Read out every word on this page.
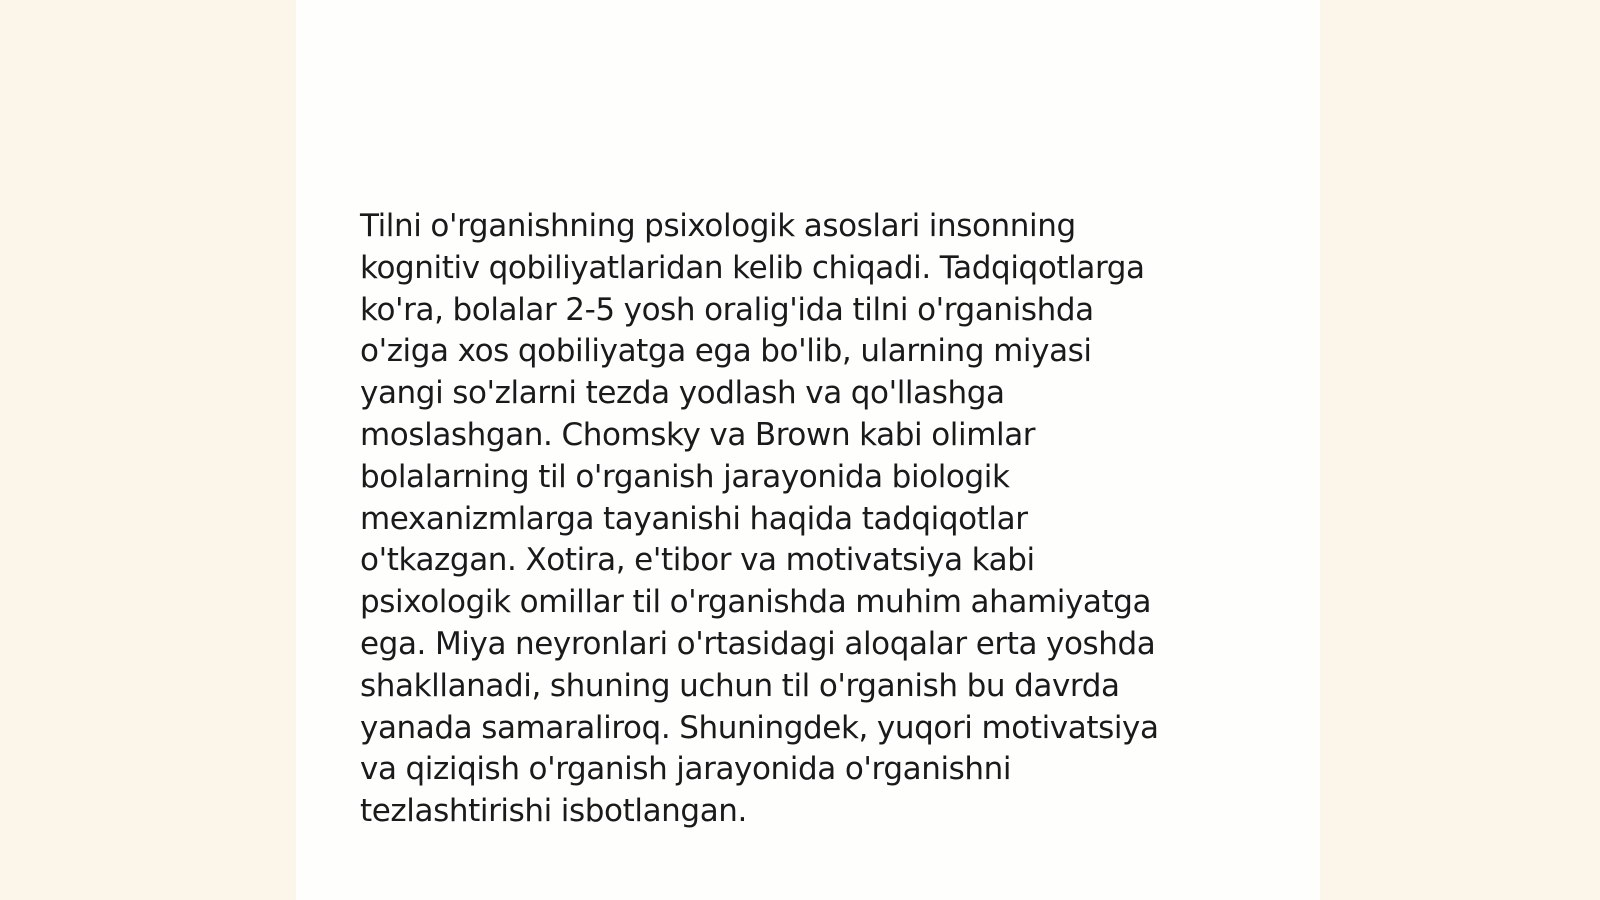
Tilni o'rganishning psixologik asoslari insonning
kognitiv qobiliyatlaridan kelib chiqadi. Tadqiqotlarga
ko'ra, bolalar 2-5 yosh oralig'ida tilni o'rganishda
o'ziga xos qobiliyatga ega bo'lib, ularning miyasi
yangi so'zlarni tezda yodlash va qo'llashga
moslashgan. Chomsky va Brown kabi olimlar
bolalarning til o'rganish jarayonida biologik
mexanizmlarga tayanishi haqida tadqiqotlar
o'tkazgan. Xotira, e'tibor va motivatsiya kabi
psixologik omillar til o'rganishda muhim ahamiyatga
ega. Miya neyronlari o'rtasidagi aloqalar erta yoshda
shakllanadi, shuning uchun til o'rganish bu davrda
yanada samaraliroq. Shuningdek, yuqori motivatsiya
va qiziqish o'rganish jarayonida o'rganishni
tezlashtirishi isbotlangan.
